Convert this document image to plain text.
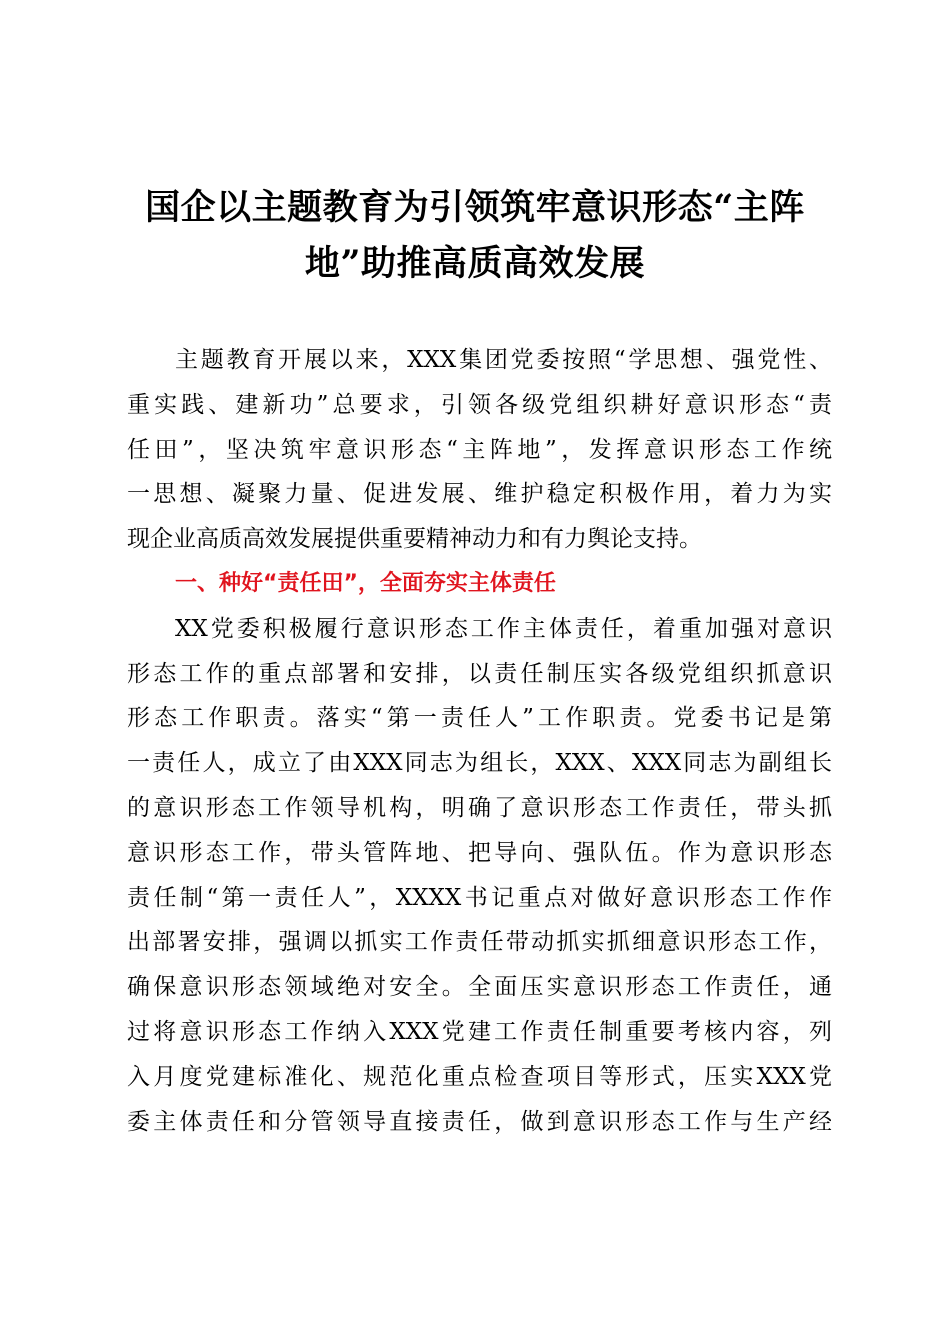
国企以主题教育为引领筑牢意识形态“主阵
地”助推高质高效发展
主题教育开展以来，XXX集团党委按照“学思想、强党性、
重实践、建新功”总要求，引领各级党组织耕好意识形态“责
任田”，坚决筑牢意识形态“主阵地”，发挥意识形态工作统
一思想、凝聚力量、促进发展、维护稳定积极作用，着力为实
现企业高质高效发展提供重要精神动力和有力舆论支持。
一、种好“责任田”，全面夯实主体责任
XX党委积极履行意识形态工作主体责任，着重加强对意识
形态工作的重点部署和安排，以责任制压实各级党组织抓意识
形态工作职责。落实“第一责任人”工作职责。党委书记是第
一责任人，成立了由XXX同志为组长，XXX、XXX同志为副组长
的意识形态工作领导机构，明确了意识形态工作责任，带头抓
意识形态工作，带头管阵地、把导向、强队伍。作为意识形态
责任制“第一责任人”，XXXX书记重点对做好意识形态工作作
出部署安排，强调以抓实工作责任带动抓实抓细意识形态工作，
确保意识形态领域绝对安全。全面压实意识形态工作责任，通
过将意识形态工作纳入XXX党建工作责任制重要考核内容，列
入月度党建标准化、规范化重点检查项目等形式，压实XXX党
委主体责任和分管领导直接责任，做到意识形态工作与生产经
